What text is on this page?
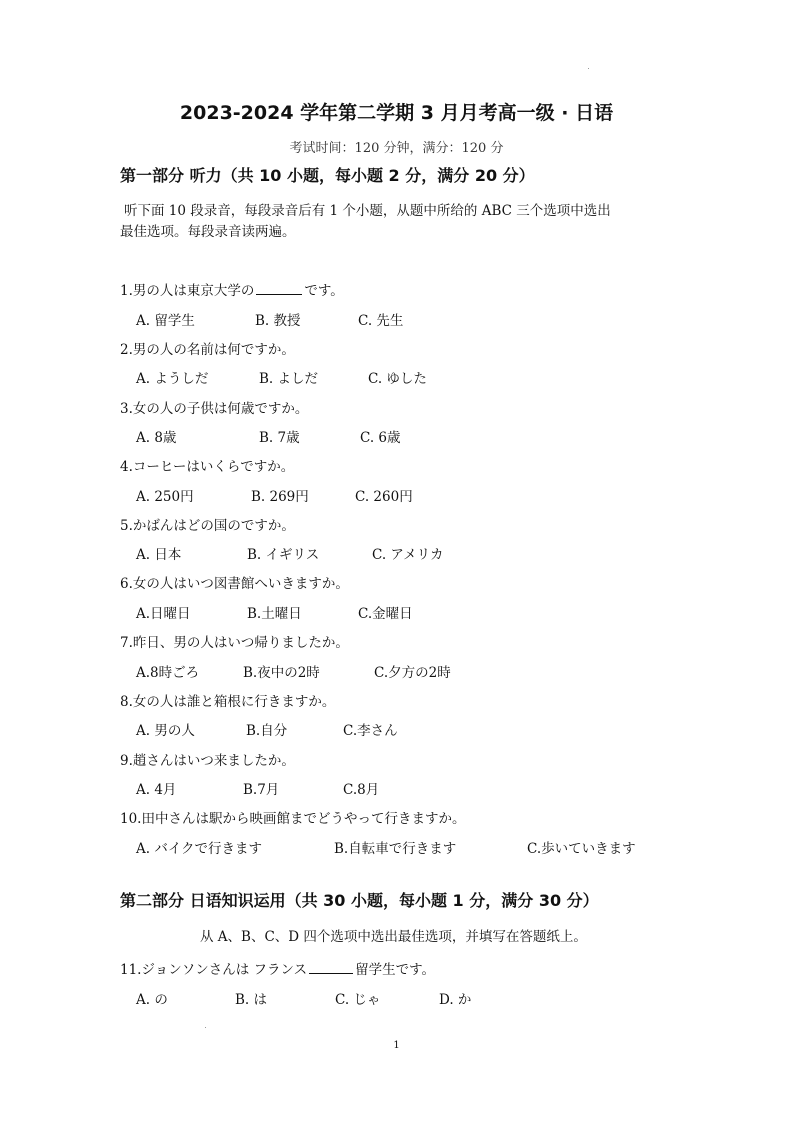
2023-2024 学年第二学期 3 月月考高一级 · 日语
考试时间：120 分钟，满分：120 分
第一部分 听力（共 10 小题，每小题 2 分，满分 20 分）
听下面 10 段录音，每段录音后有 1 个小题，从题中所给的 ABC 三个选项中选出
最佳选项。每段录音读两遍。
1.男の人は東京大学の	です。
A. 留学生	B. 教授	C. 先生
2.男の人の名前は何ですか。
A. ようしだ	B. よしだ	C. ゆした
3.女の人の子供は何歳ですか。
A. 8歳	B. 7歳	C. 6歳
4.コーヒーはいくらですか。
A. 250円	B. 269円	C. 260円
5.かばんはどの国のですか。
A. 日本	B. イギリス	C. アメリカ
6.女の人はいつ図書館へいきますか。
A.日曜日	B.土曜日	C.金曜日
7.昨日、男の人はいつ帰りましたか。
A.8時ごろ	B.夜中の2時	C.夕方の2時
8.女の人は誰と箱根に行きますか。
A. 男の人	B.自分	C.李さん
9.趙さんはいつ来ましたか。
A. 4月	B.7月	C.8月
10.田中さんは駅から映画館までどうやって行きますか。
A. バイクで行きます	B.自転車で行きます	C.歩いていきます
第二部分 日语知识运用（共 30 小题，每小题 1 分，满分 30 分）
从 A、B、C、D 四个选项中选出最佳选项，并填写在答题纸上。
11.ジョンソンさんは フランス	留学生です。
A. の	B. は	C. じゃ	D. か
1
